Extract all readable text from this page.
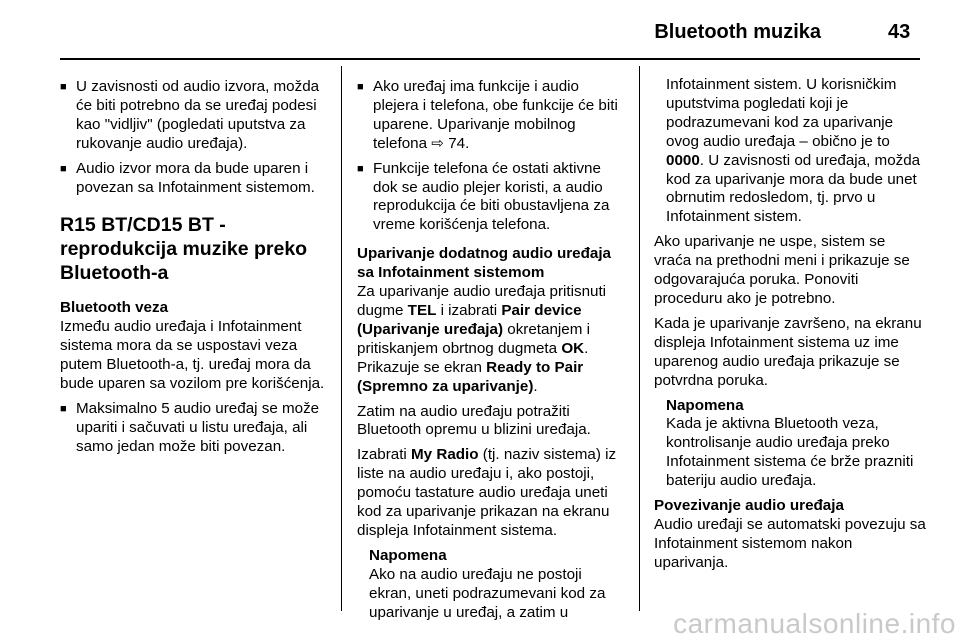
Bluetooth muzika	43
■ U zavisnosti od audio izvora, možda će biti potrebno da se uređaj podesi kao "vidljiv" (pogledati uputstva za rukovanje audio uređaja).
■ Audio izvor mora da bude uparen i povezan sa Infotainment sistemom.
R15 BT/CD15 BT - reprodukcija muzike preko Bluetooth-a

Bluetooth veza

Između audio uređaja i Infotainment sistema mora da se uspostavi veza putem Bluetooth-a, tj. uređaj mora da bude uparen sa vozilom pre korišćenja.

■ Maksimalno 5 audio uređaj se može upariti i sačuvati u listu uređaja, ali samo jedan može biti povezan.
■ Ako uređaj ima funkcije i audio plejera i telefona, obe funkcije će biti uparene. Uparivanje mobilnog telefona ⇨ 74.
■ Funkcije telefona će ostati aktivne dok se audio plejer koristi, a audio reprodukcija će biti obustavljena za vreme korišćenja telefona.

Uparivanje dodatnog audio uređaja sa Infotainment sistemom

Za uparivanje audio uređaja pritisnuti dugme TEL i izabrati Pair device (Uparivanje uređaja) okretanjem i pritiskanjem obrtnog dugmeta OK. Prikazuje se ekran Ready to Pair (Spremno za uparivanje).

Zatim na audio uređaju potražiti Bluetooth opremu u blizini uređaja.

Izabrati My Radio (tj. naziv sistema) iz liste na audio uređaju i, ako postoji, pomoću tastature audio uređaja uneti kod za uparivanje prikazan na ekranu displeja Infotainment sistema.

Napomena
Ako na audio uređaju ne postoji ekran, uneti podrazumevani kod za uparivanje u uređaj, a zatim u
Infotainment sistem. U korisničkim uputstvima pogledati koji je podrazumevani kod za uparivanje ovog audio uređaja – obično je to 0000. U zavisnosti od uređaja, možda kod za uparivanje mora da bude unet obrnutim redosledom, tj. prvo u Infotainment sistem.

Ako uparivanje ne uspe, sistem se vraća na prethodni meni i prikazuje se odgovarajuća poruka. Ponoviti proceduru ako je potrebno.

Kada je uparivanje završeno, na ekranu displeja Infotainment sistema uz ime uparenog audio uređaja prikazuje se potvrdna poruka.

Napomena
Kada je aktivna Bluetooth veza, kontrolisanje audio uređaja preko Infotainment sistema će brže prazniti bateriju audio uređaja.

Povezivanje audio uređaja

Audio uređaji se automatski povezuju sa Infotainment sistemom nakon uparivanja.

carmanualsonline.info
